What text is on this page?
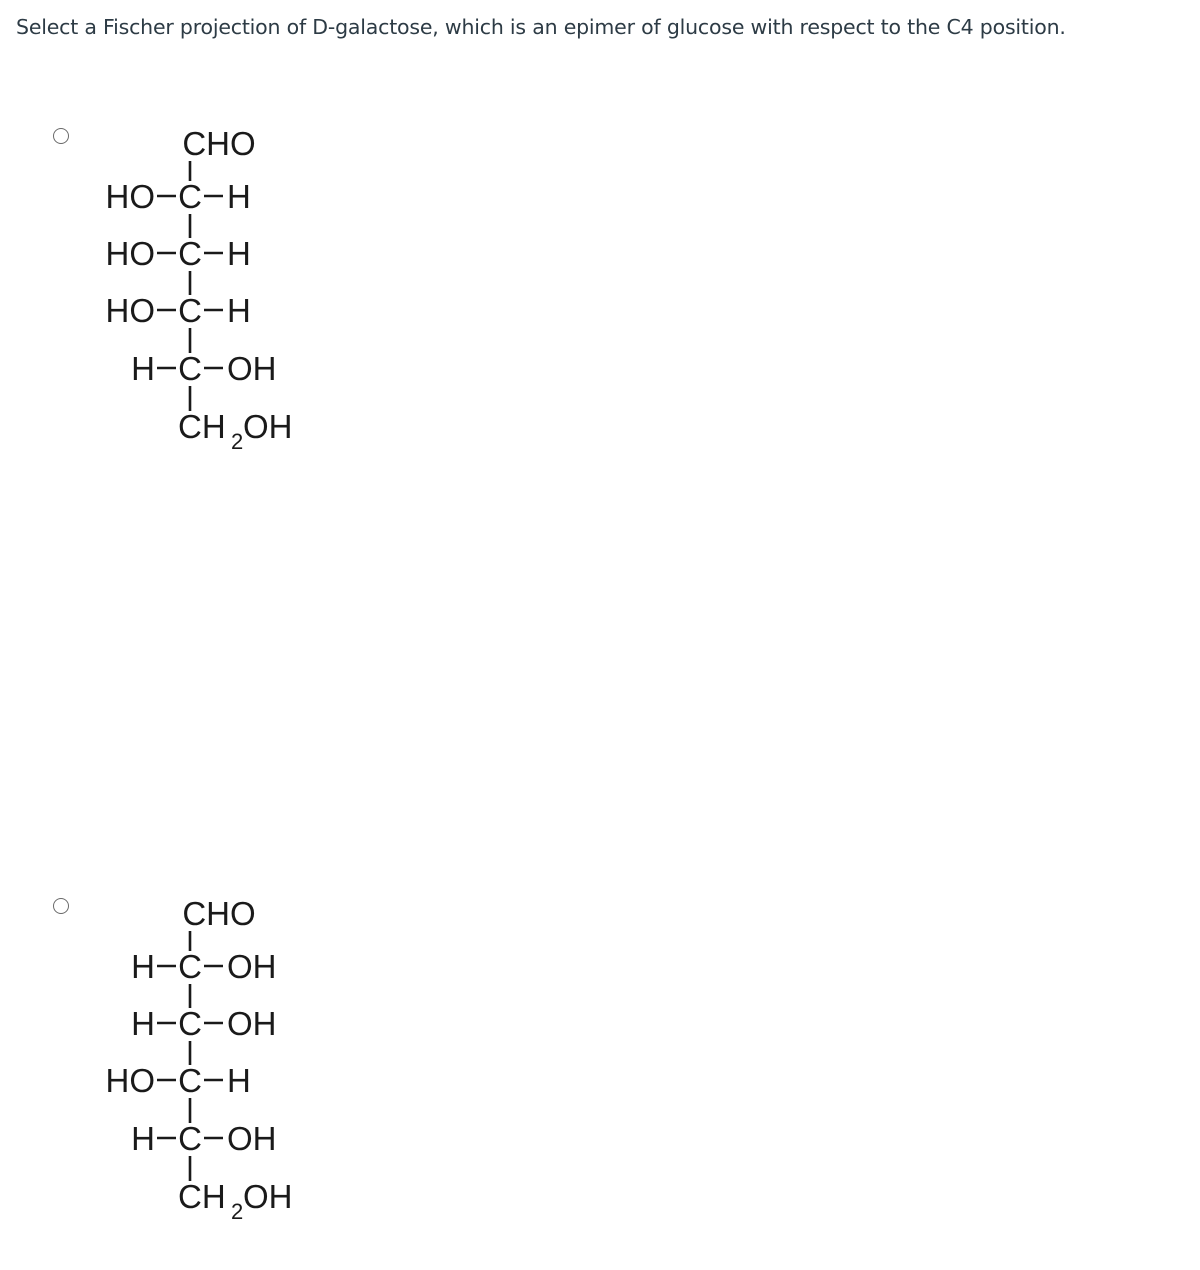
Select a Fischer projection of D-galactose, which is an epimer of glucose with respect to the C4 position.
CHO
C
HO H
C
HO H
C
HO H
C
H OH
CH 2 OH
CHO
C
H OH
C
H OH
C
HO H
C
H OH
CH 2 OH
